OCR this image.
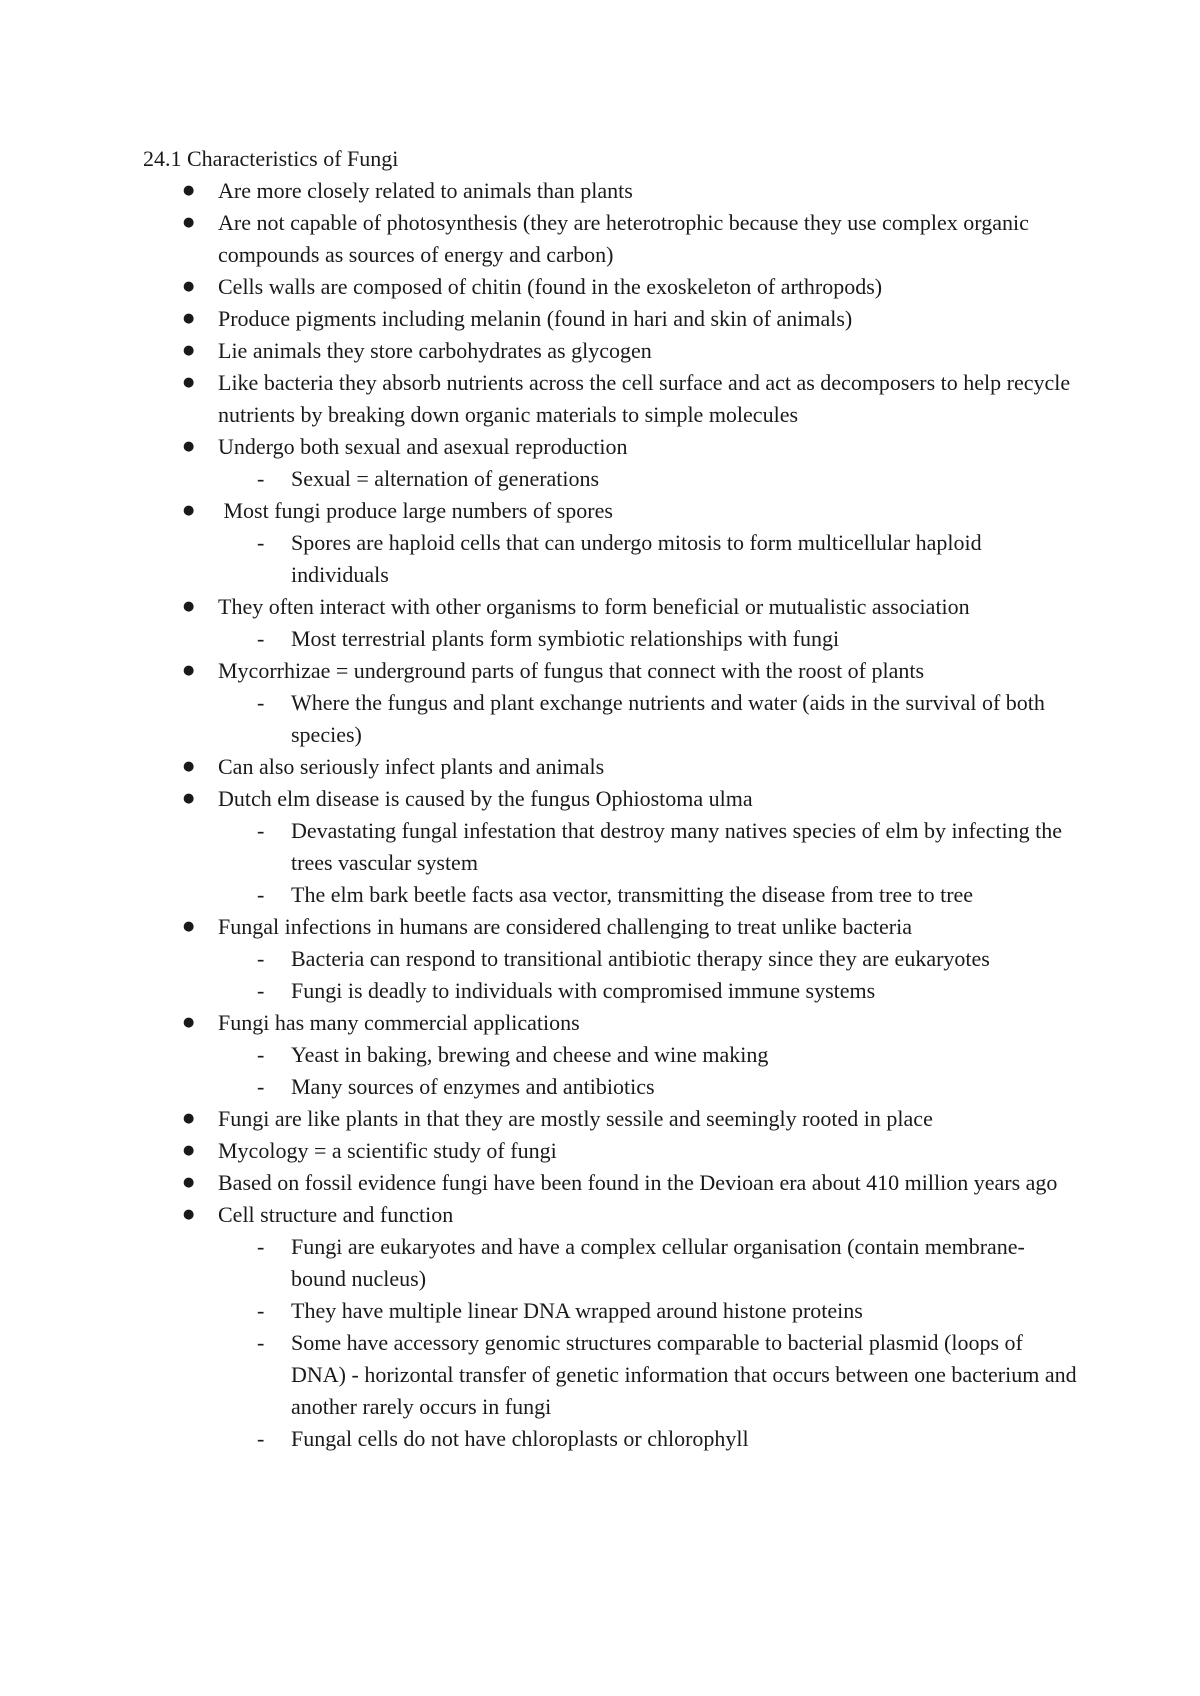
24.1 Characteristics of Fungi
● Are more closely related to animals than plants
● Are not capable of photosynthesis (they are heterotrophic because they use complex organic compounds as sources of energy and carbon)
● Cells walls are composed of chitin (found in the exoskeleton of arthropods)
● Produce pigments including melanin (found in hari and skin of animals)
● Lie animals they store carbohydrates as glycogen
● Like bacteria they absorb nutrients across the cell surface and act as decomposers to help recycle nutrients by breaking down organic materials to simple molecules
● Undergo both sexual and asexual reproduction
- Sexual = alternation of generations
●  Most fungi produce large numbers of spores
- Spores are haploid cells that can undergo mitosis to form multicellular haploid individuals
● They often interact with other organisms to form beneficial or mutualistic association
- Most terrestrial plants form symbiotic relationships with fungi
● Mycorrhizae = underground parts of fungus that connect with the roost of plants
- Where the fungus and plant exchange nutrients and water (aids in the survival of both species)
● Can also seriously infect plants and animals
● Dutch elm disease is caused by the fungus Ophiostoma ulma
- Devastating fungal infestation that destroy many natives species of elm by infecting the trees vascular system
- The elm bark beetle facts asa vector, transmitting the disease from tree to tree
● Fungal infections in humans are considered challenging to treat unlike bacteria
- Bacteria can respond to transitional antibiotic therapy since they are eukaryotes
- Fungi is deadly to individuals with compromised immune systems
● Fungi has many commercial applications
- Yeast in baking, brewing and cheese and wine making
- Many sources of enzymes and antibiotics
● Fungi are like plants in that they are mostly sessile and seemingly rooted in place
● Mycology = a scientific study of fungi
● Based on fossil evidence fungi have been found in the Devioan era about 410 million years ago
● Cell structure and function
- Fungi are eukaryotes and have a complex cellular organisation (contain membrane-bound nucleus)
- They have multiple linear DNA wrapped around histone proteins
- Some have accessory genomic structures comparable to bacterial plasmid (loops of DNA) - horizontal transfer of genetic information that occurs between one bacterium and another rarely occurs in fungi
- Fungal cells do not have chloroplasts or chlorophyll
